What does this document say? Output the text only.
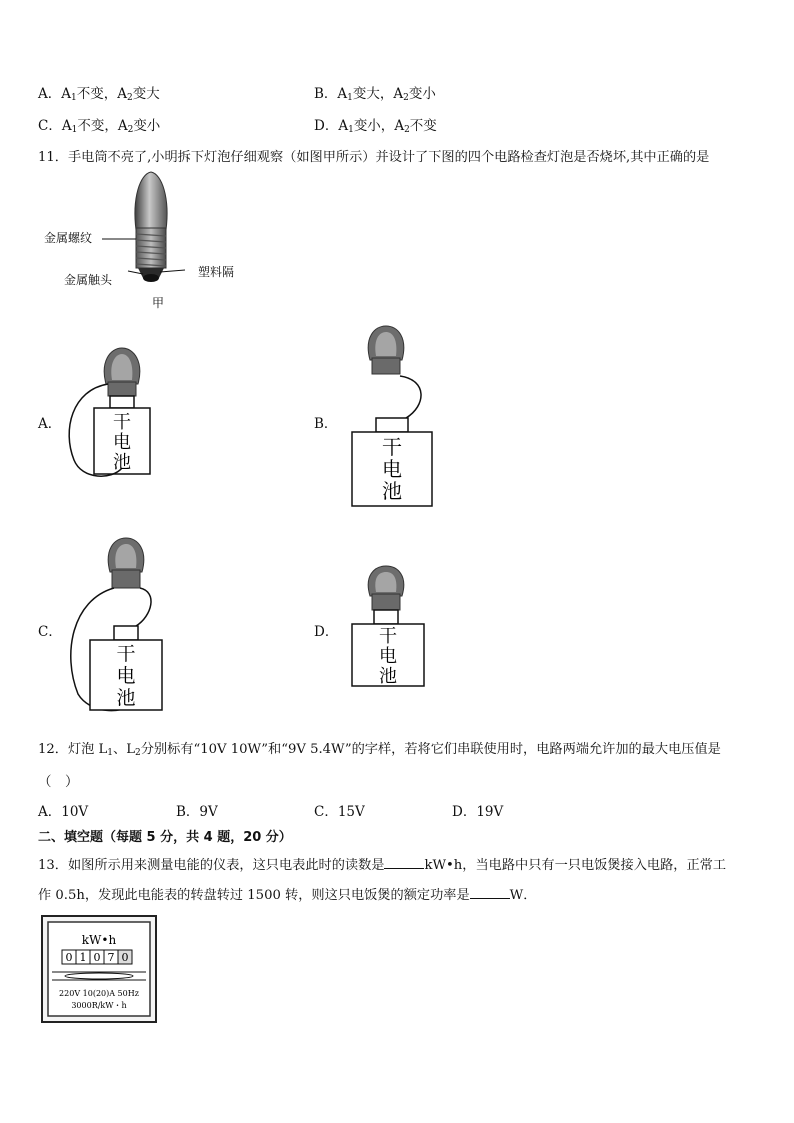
A．$A_1$不变，$A_2$变大	B．$A_1$变大，$A_2$变小
C．$A_1$不变，$A_2$变小	D．$A_1$变小，$A_2$不变
11．手电筒不亮了,小明拆下灯泡仔细观察（如图甲所示）并设计了下图的四个电路检查灯泡是否烧坏,其中正确的是
金属螺纹
金属触头
塑料隔
甲
A．	干
电
池
B．
干
电
池
C．
干
电
池
D． 干
电
池
12．灯泡 $L_1$、$L_2$分别标有“10V 10W”和“9V 5.4W”的字样，若将它们串联使用时，电路两端允许加的最大电压值是
（　）
A．10V	B．9V	C．15V	D．19V
二、填空题（每题 5 分，共 4 题，20 分）
13．如图所示用来测量电能的仪表，这只电表此时的读数是	kW•h，当电路中只有一只电饭煲接入电路，正常工
作 0.5h，发现此电能表的转盘转过 1500 转，则这只电饭煲的额定功率是	W．
kW•h
0 1 0 7 0
220V 10(20)A 50Hz
3000R/kW・h
